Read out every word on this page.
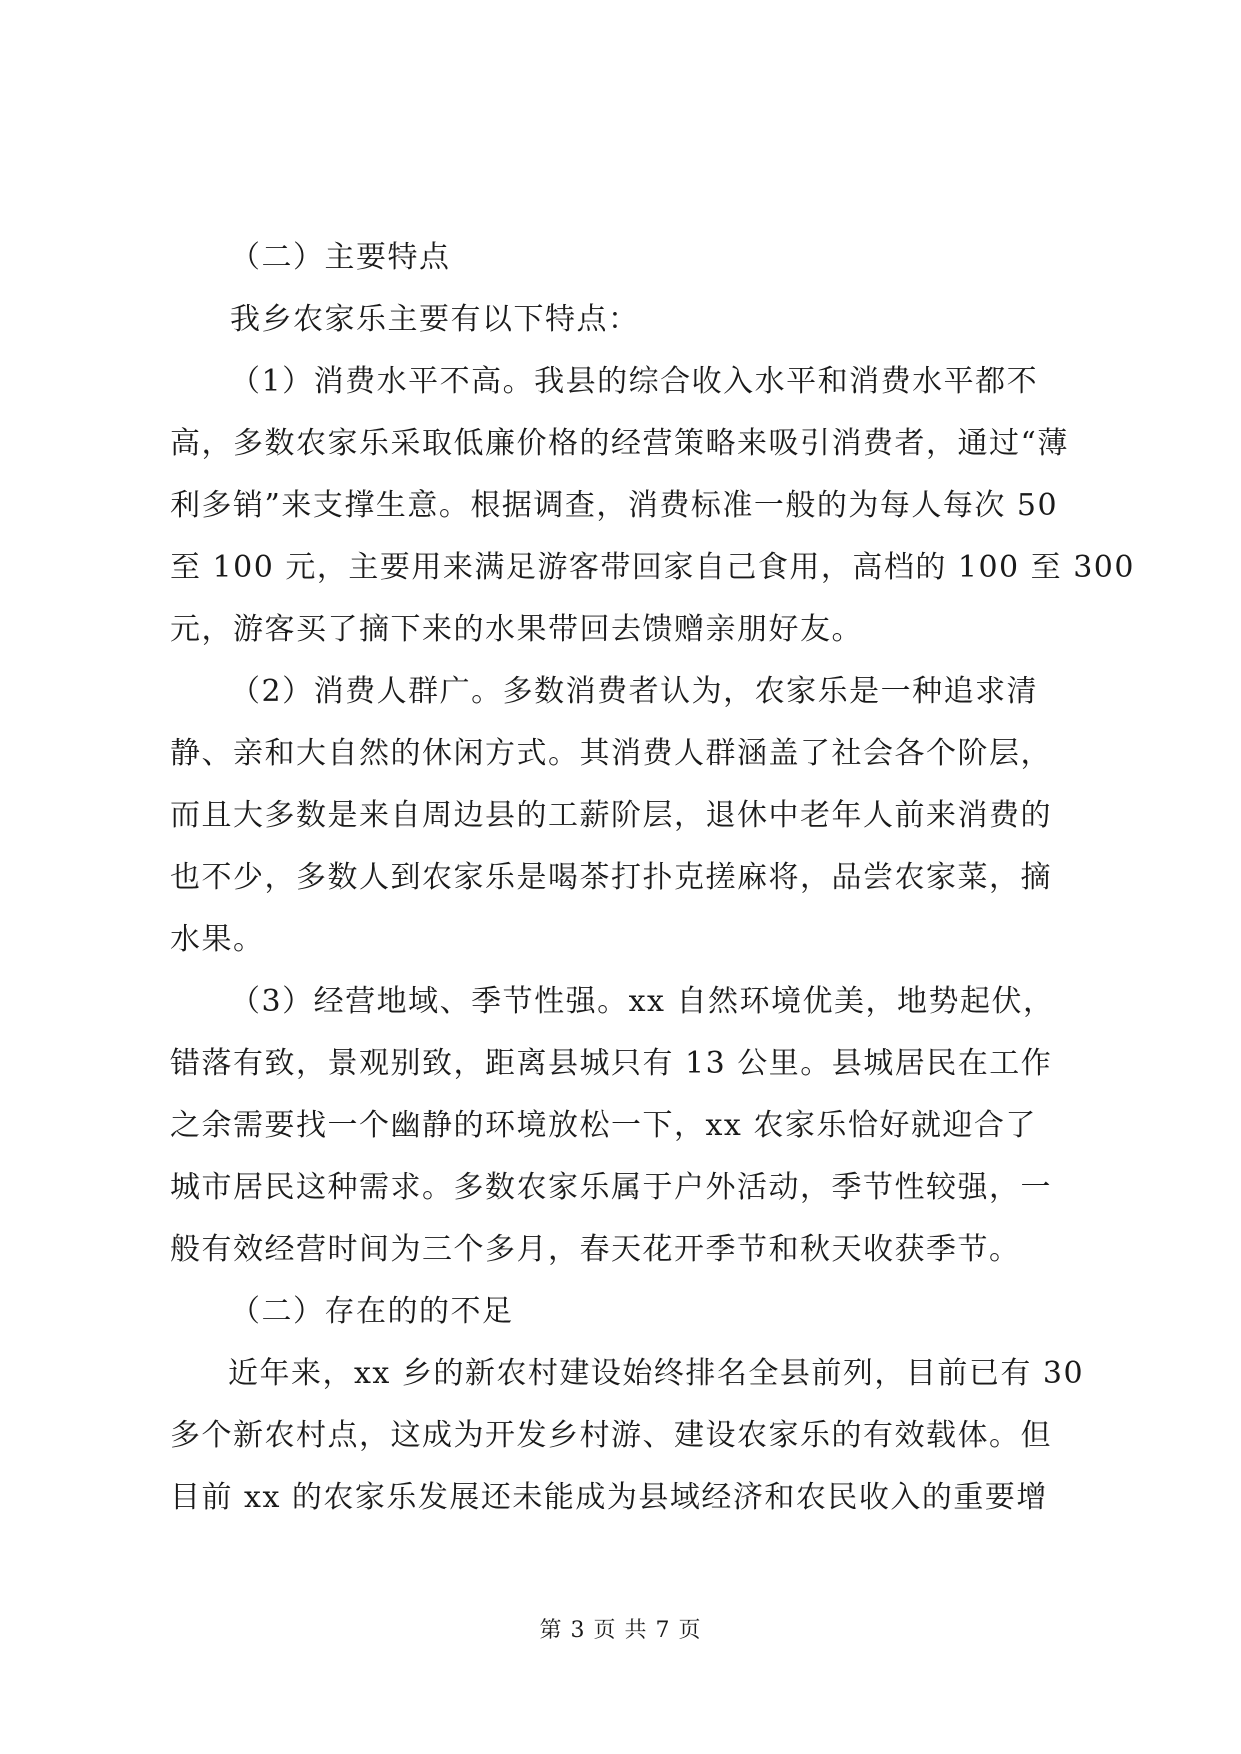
（二）主要特点
我乡农家乐主要有以下特点：
（1）消费水平不高。我县的综合收入水平和消费水平都不
高，多数农家乐采取低廉价格的经营策略来吸引消费者，通过“薄
利多销”来支撑生意。根据调查，消费标准一般的为每人每次 50
至 100 元，主要用来满足游客带回家自己食用，高档的 100 至 300
元，游客买了摘下来的水果带回去馈赠亲朋好友。
（2）消费人群广。多数消费者认为，农家乐是一种追求清
静、亲和大自然的休闲方式。其消费人群涵盖了社会各个阶层，
而且大多数是来自周边县的工薪阶层，退休中老年人前来消费的
也不少，多数人到农家乐是喝茶打扑克搓麻将，品尝农家菜，摘
水果。
（3）经营地域、季节性强。xx 自然环境优美，地势起伏，
错落有致，景观别致，距离县城只有 13 公里。县城居民在工作
之余需要找一个幽静的环境放松一下，xx 农家乐恰好就迎合了
城市居民这种需求。多数农家乐属于户外活动，季节性较强，一
般有效经营时间为三个多月，春天花开季节和秋天收获季节。
（二）存在的的不足
近年来，xx 乡的新农村建设始终排名全县前列，目前已有 30
多个新农村点，这成为开发乡村游、建设农家乐的有效载体。但
目前 xx 的农家乐发展还未能成为县域经济和农民收入的重要增
第 3 页 共 7 页
